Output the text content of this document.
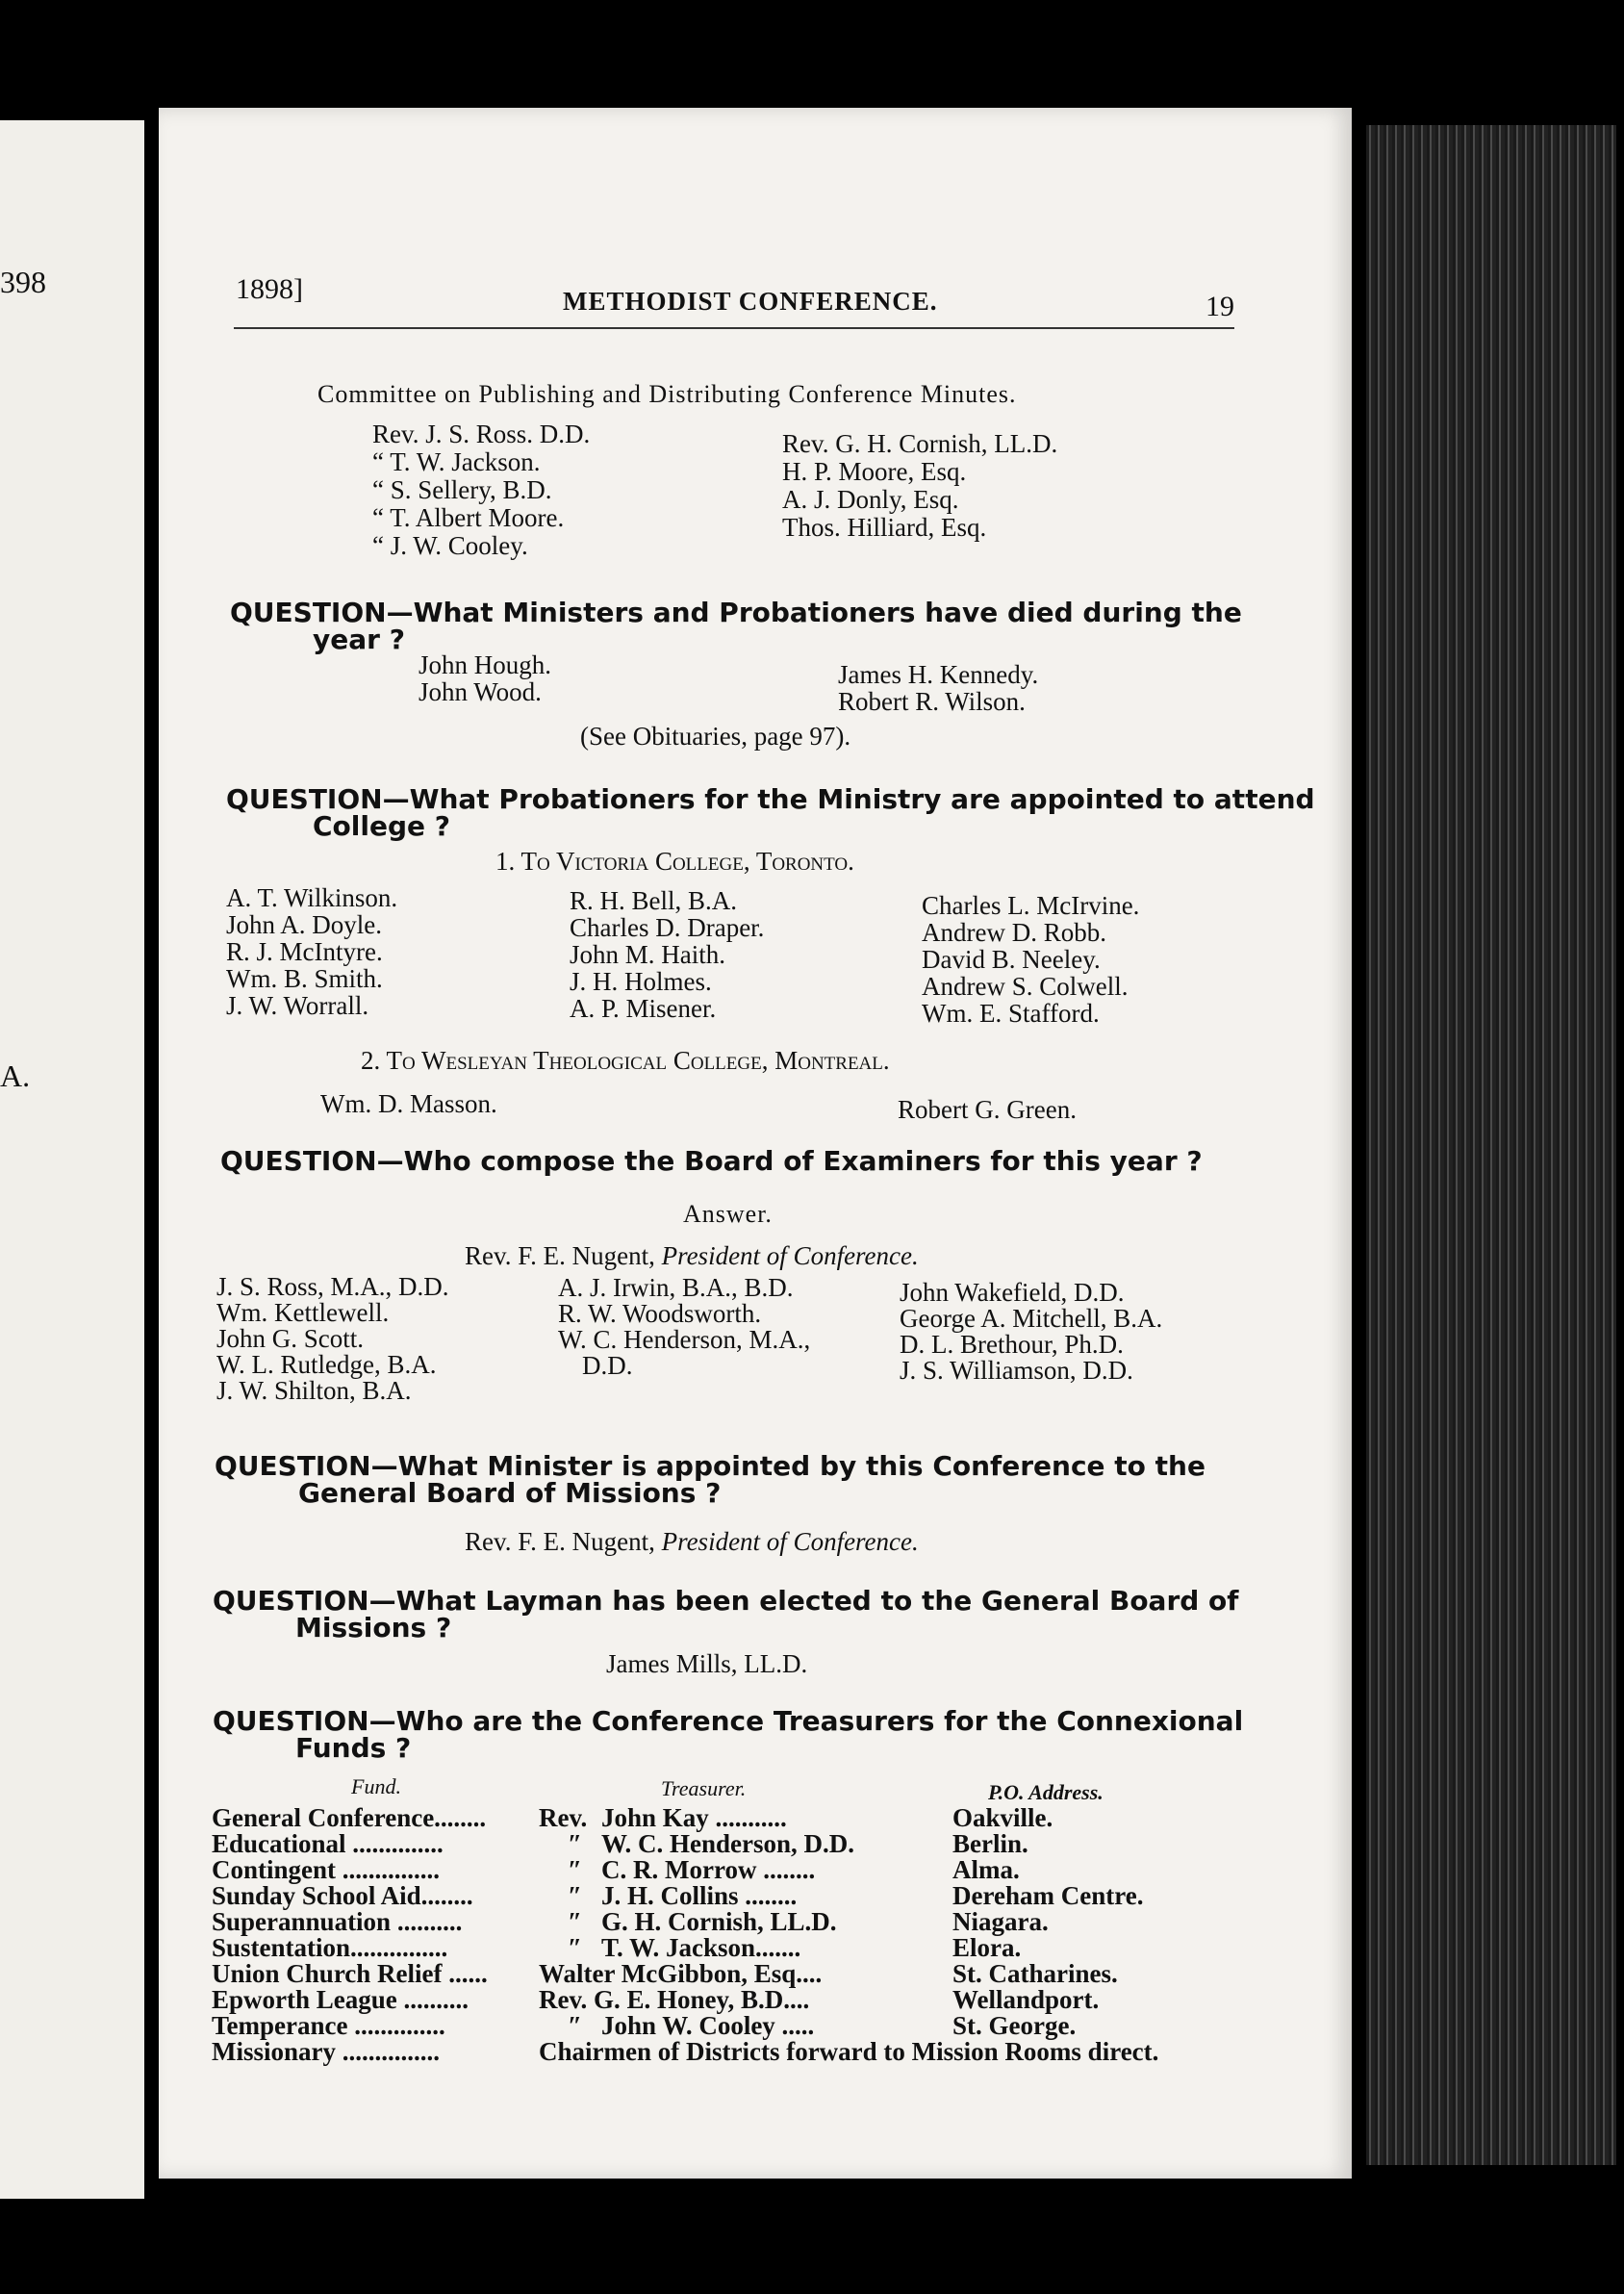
398
A.
1898]	METHODIST CONFERENCE.	19
Committee on Publishing and Distributing Conference Minutes.
Rev. J. S. Ross. D.D.
“ T. W. Jackson.
“ S. Sellery, B.D.
“ T. Albert Moore.
“ J. W. Cooley.
Rev. G. H. Cornish, LL.D.
H. P. Moore, Esq.
A. J. Donly, Esq.
Thos. Hilliard, Esq.
QUESTION—What Ministers and Probationers have died during the
year ?
John Hough.
John Wood.
James H. Kennedy.
Robert R. Wilson.
(See Obituaries, page 97).
QUESTION—What Probationers for the Ministry are appointed to attend
College ?
1. To Victoria College, Toronto.
A. T. Wilkinson.
John A. Doyle.
R. J. McIntyre.
Wm. B. Smith.
J. W. Worrall.
R. H. Bell, B.A.
Charles D. Draper.
John M. Haith.
J. H. Holmes.
A. P. Misener.
Charles L. McIrvine.
Andrew D. Robb.
David B. Neeley.
Andrew S. Colwell.
Wm. E. Stafford.
2. To Wesleyan Theological College, Montreal.
Wm. D. Masson.	Robert G. Green.
QUESTION—Who compose the Board of Examiners for this year ?
Answer.
Rev. F. E. Nugent, President of Conference.
J. S. Ross, M.A., D.D.
Wm. Kettlewell.
John G. Scott.
W. L. Rutledge, B.A.
J. W. Shilton, B.A.
A. J. Irwin, B.A., B.D.
R. W. Woodsworth.
W. C. Henderson, M.A.,
D.D.
John Wakefield, D.D.
George A. Mitchell, B.A.
D. L. Brethour, Ph.D.
J. S. Williamson, D.D.
QUESTION—What Minister is appointed by this Conference to the
General Board of Missions ?
Rev. F. E. Nugent, President of Conference.
QUESTION—What Layman has been elected to the General Board of
Missions ?
James Mills, LL.D.
QUESTION—Who are the Conference Treasurers for the Connexional
Funds ?
Fund.	Treasurer.	P.O. Address.
General Conference........ Rev. John Kay ...........	Oakville.
Educational ..............	″ W. C. Henderson, D.D.	Berlin.
Contingent ...............	″ C. R. Morrow ........	Alma.
Sunday School Aid........	″ J. H. Collins ........	Dereham Centre.
Superannuation ..........	″ G. H. Cornish, LL.D.	Niagara.
Sustentation...............	″ T. W. Jackson.......	Elora.
Union Church Relief ...... Walter McGibbon, Esq....	St. Catharines.
Epworth League ..........	Rev. G. E. Honey, B.D....	Wellandport.
Temperance ..............	″ John W. Cooley .....	St. George.
Missionary ...............	Chairmen of Districts forward to Mission Rooms direct.
